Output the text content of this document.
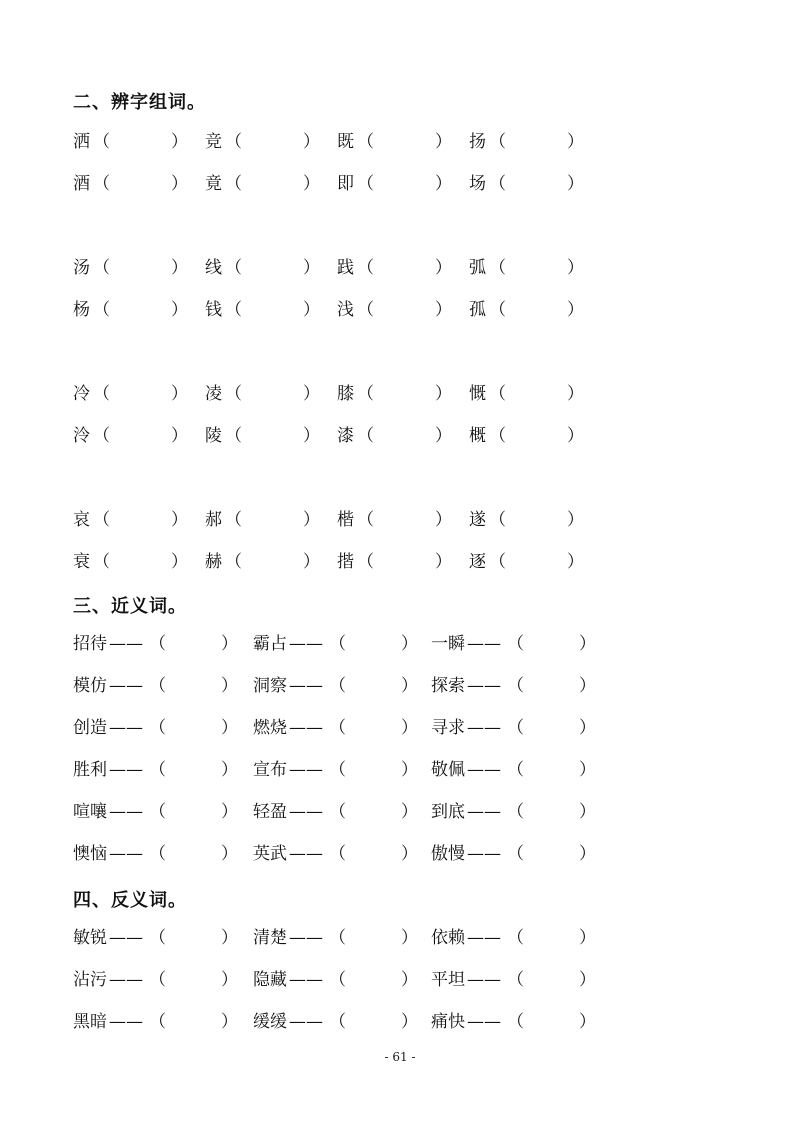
二、辨字组词。
洒 （	） 竞 （	） 既 （	） 扬 （	）
酒 （	） 竟 （	） 即 （	） 场 （	）
汤 （	） 线 （	） 践 （	） 弧 （	）
杨 （	） 钱 （	） 浅 （	） 孤 （	）
冷 （	） 凌 （	） 膝 （	） 慨 （	）
泠 （	） 陵 （	） 漆 （	） 概 （	）
哀 （	） 郝 （	） 楷 （	） 遂 （	）
衰 （	） 赫 （	） 揩 （	） 逐 （	）
三、近义词。
招待 —— （	） 霸占 —— （	） 一瞬 —— （	）
模仿 —— （	） 洞察 —— （	） 探索 —— （	）
创造 —— （	） 燃烧 —— （	） 寻求 —— （	）
胜利 —— （	） 宣布 —— （	） 敬佩 —— （	）
喧嚷 —— （	） 轻盈 —— （	） 到底 —— （	）
懊恼 —— （	） 英武 —— （	） 傲慢 —— （	）
四、反义词。
敏锐 —— （	） 清楚 —— （	） 依赖 —— （	）
沾污 —— （	） 隐藏 —— （	） 平坦 —— （	）
黑暗 —— （	） 缓缓 —— （	） 痛快 —— （	）
- 61 -
